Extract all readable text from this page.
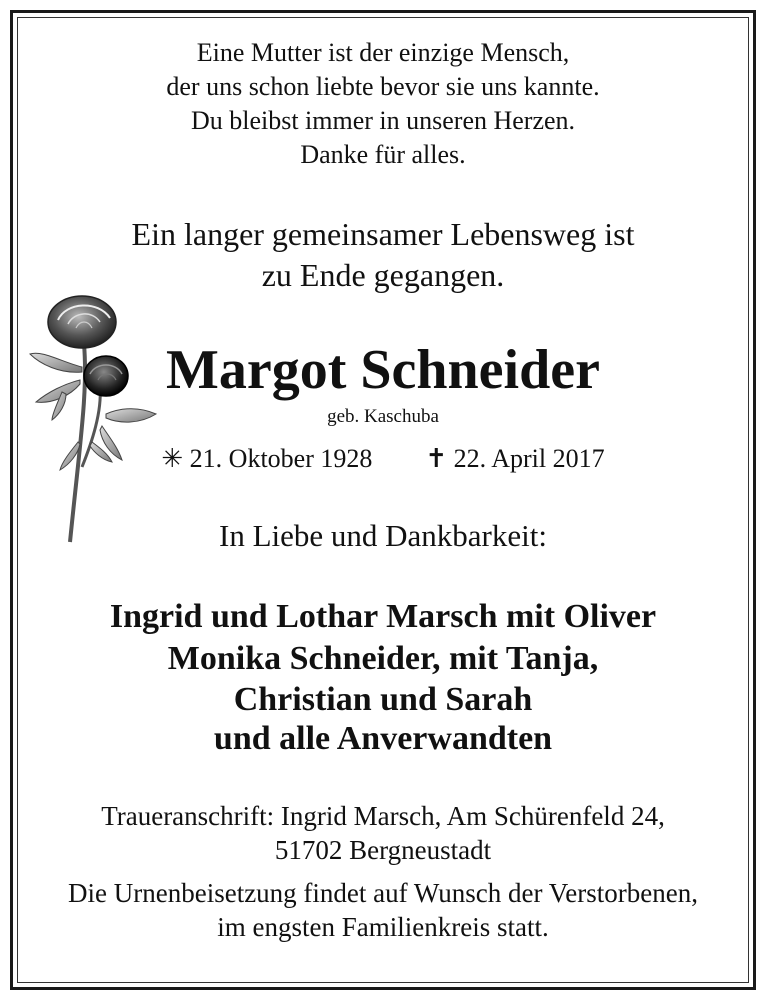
Eine Mutter ist der einzige Mensch,
der uns schon liebte bevor sie uns kannte.
Du bleibst immer in unseren Herzen.
Danke für alles.
Ein langer gemeinsamer Lebensweg ist
zu Ende gegangen.
Margot Schneider
geb. Kaschuba
✳ 21. Oktober 1928 ✝ 22. April 2017
In Liebe und Dankbarkeit:
Ingrid und Lothar Marsch mit Oliver
Monika Schneider, mit Tanja,
Christian und Sarah
und alle Anverwandten
Traueranschrift: Ingrid Marsch, Am Schürenfeld 24,
51702 Bergneustadt
Die Urnenbeisetzung findet auf Wunsch der Verstorbenen,
im engsten Familienkreis statt.
